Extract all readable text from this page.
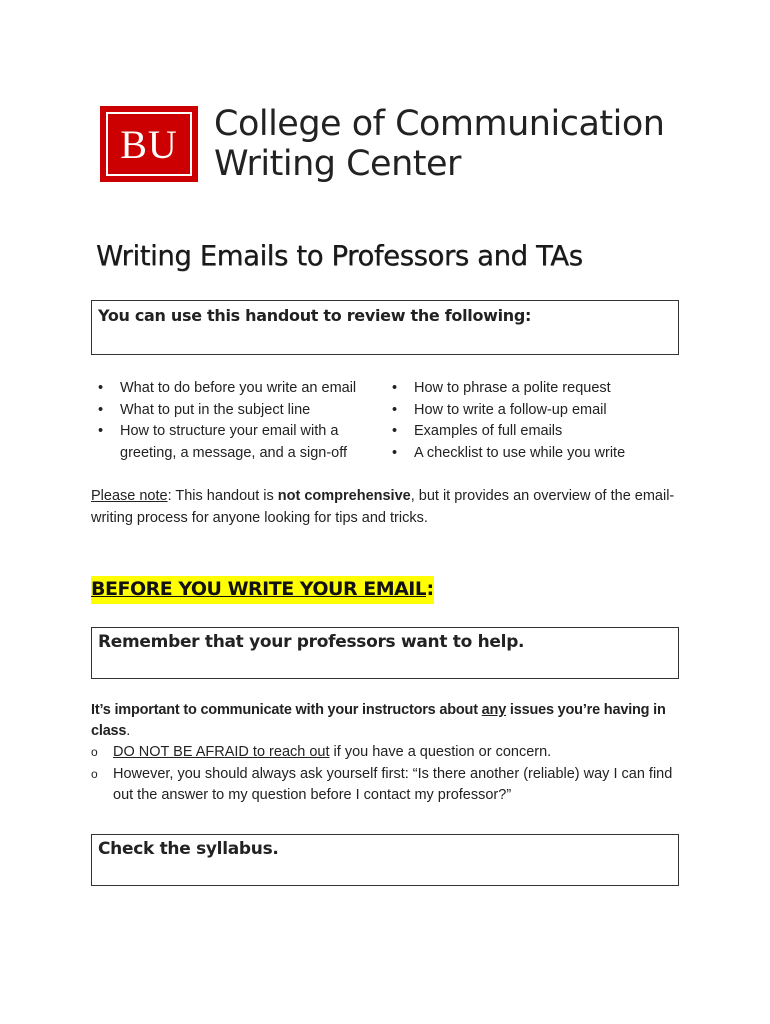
BU	College of Communication
Writing Center
Writing Emails to Professors and TAs
You can use this handout to review the following:
• What to do before you write an email
• What to put in the subject line
• How to structure your email with a greeting, a message, and a sign-off
• How to phrase a polite request
• How to write a follow-up email
• Examples of full emails
• A checklist to use while you write
Please note: This handout is not comprehensive, but it provides an overview of the email-writing process for anyone looking for tips and tricks.
BEFORE YOU WRITE YOUR EMAIL:
Remember that your professors want to help.
It’s important to communicate with your instructors about any issues you’re having in class.
o DO NOT BE AFRAID to reach out if you have a question or concern.
o However, you should always ask yourself first: “Is there another (reliable) way I can find out the answer to my question before I contact my professor?”
Check the syllabus.
